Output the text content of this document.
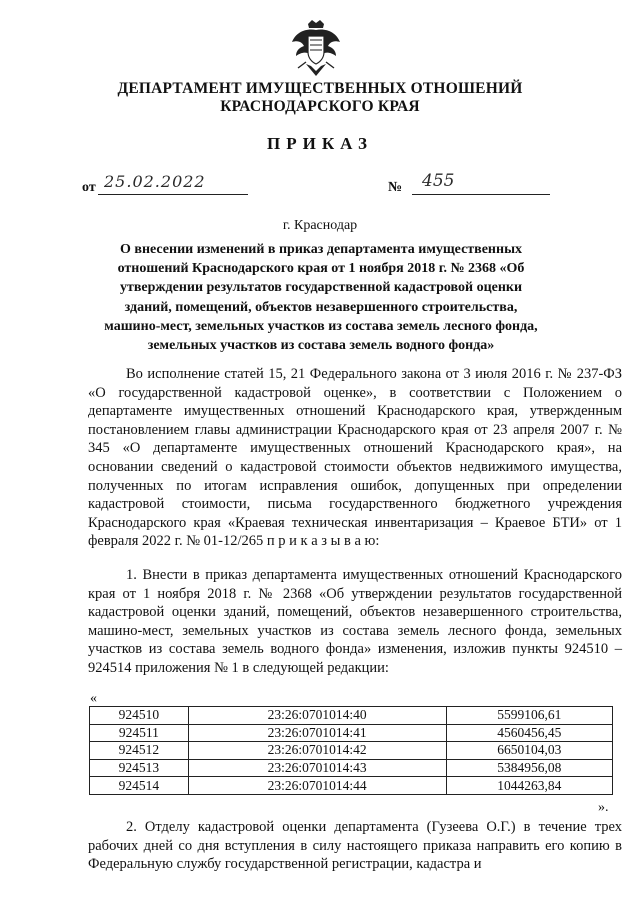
ДЕПАРТАМЕНТ ИМУЩЕСТВЕННЫХ ОТНОШЕНИЙ
КРАСНОДАРСКОГО КРАЯ
ПРИКАЗ
от 25.02.2022	№ 455
г. Краснодар
О внесении изменений в приказ департамента имущественных отношений Краснодарского края от 1 ноября 2018 г. № 2368 «Об утверждении результатов государственной кадастровой оценки зданий, помещений, объектов незавершенного строительства, машино-мест, земельных участков из состава земель лесного фонда, земельных участков из состава земель водного фонда»
Во исполнение статей 15, 21 Федерального закона от 3 июля 2016 г. № 237-ФЗ «О государственной кадастровой оценке», в соответствии с Положением о департаменте имущественных отношений Краснодарского края, утвержденным постановлением главы администрации Краснодарского края от 23 апреля 2007 г. № 345 «О департаменте имущественных отношений Краснодарского края», на основании сведений о кадастровой стоимости объектов недвижимого имущества, полученных по итогам исправления ошибок, допущенных при определении кадастровой стоимости, письма государственного бюджетного учреждения Краснодарского края «Краевая техническая инвентаризация – Краевое БТИ» от 1 февраля 2022 г. № 01-12/265 п р и к а з ы в а ю:
1. Внести в приказ департамента имущественных отношений Краснодарского края от 1 ноября 2018 г. № 2368 «Об утверждении результатов государственной кадастровой оценки зданий, помещений, объектов незавершенного строительства, машино-мест, земельных участков из состава земель лесного фонда, земельных участков из состава земель водного фонда» изменения, изложив пункты 924510 – 924514 приложения № 1 в следующей редакции:
«
924510	23:26:0701014:40	5599106,61
924511	23:26:0701014:41	4560456,45
924512	23:26:0701014:42	6650104,03
924513	23:26:0701014:43	5384956,08
924514	23:26:0701014:44	1044263,84
».
2. Отделу кадастровой оценки департамента (Гузеева О.Г.) в течение трех рабочих дней со дня вступления в силу настоящего приказа направить его копию в Федеральную службу государственной регистрации, кадастра и
